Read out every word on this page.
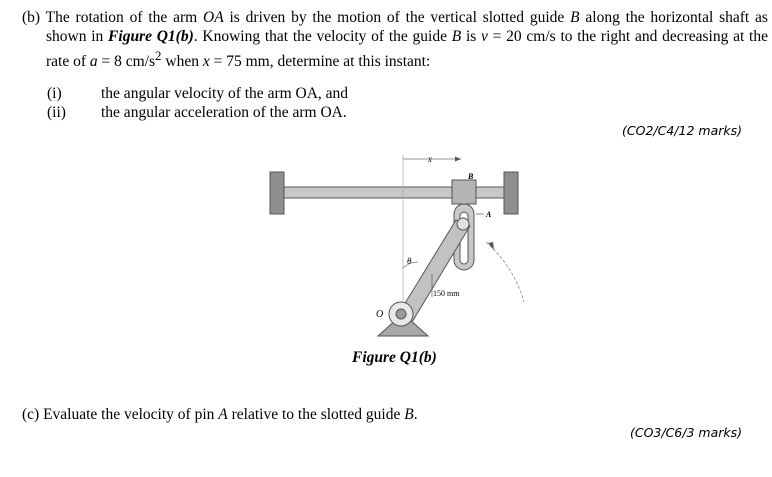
(b) The rotation of the arm OA is driven by the motion of the vertical slotted guide B along the horizontal shaft as shown in Figure Q1(b). Knowing that the velocity of the guide B is v = 20 cm/s to the right and decreasing at the rate of a = 8 $cm/s^2$ when x = 75 mm, determine at this instant:
(i)	the angular velocity of the arm OA, and
(ii) the angular acceleration of the arm OA.
(CO2/C4/12 marks)
x
B
A
θ
150 mm
O
Figure Q1(b)
(c) Evaluate the velocity of pin A relative to the slotted guide B.
(CO3/C6/3 marks)
